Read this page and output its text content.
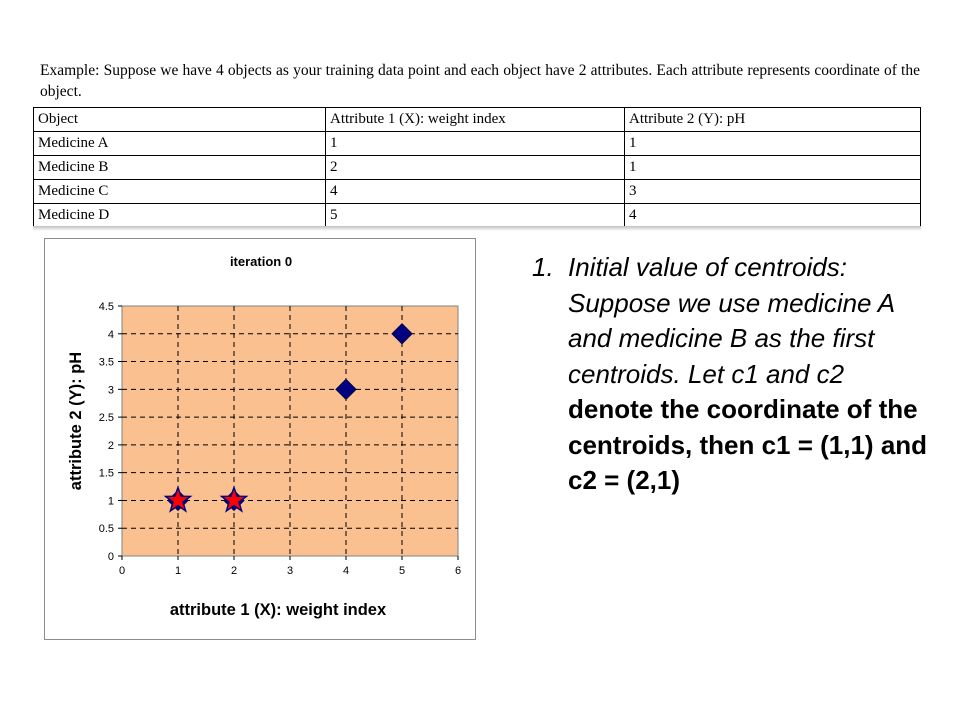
Example: Suppose we have 4 objects as your training data point and each object have 2 attributes. Each attribute represents coordinate of the object.
Object	Attribute 1 (X): weight index	Attribute 2 (Y): pH
Medicine A	1	1
Medicine B	2	1
Medicine C	4	3
Medicine D	5	4
iteration 0
0	1	2	3	4	5	6
0
0.5
1
1.5
2
2.5
3
3.5
4
4.5
attribute 1 (X): weight index
attribute 2 (Y): pH
1. Initial value of centroids: Suppose we use medicine A and medicine B as the first centroids. Let c1 and c2 denote the coordinate of the centroids, then c1 = (1,1) and c2 = (2,1)
